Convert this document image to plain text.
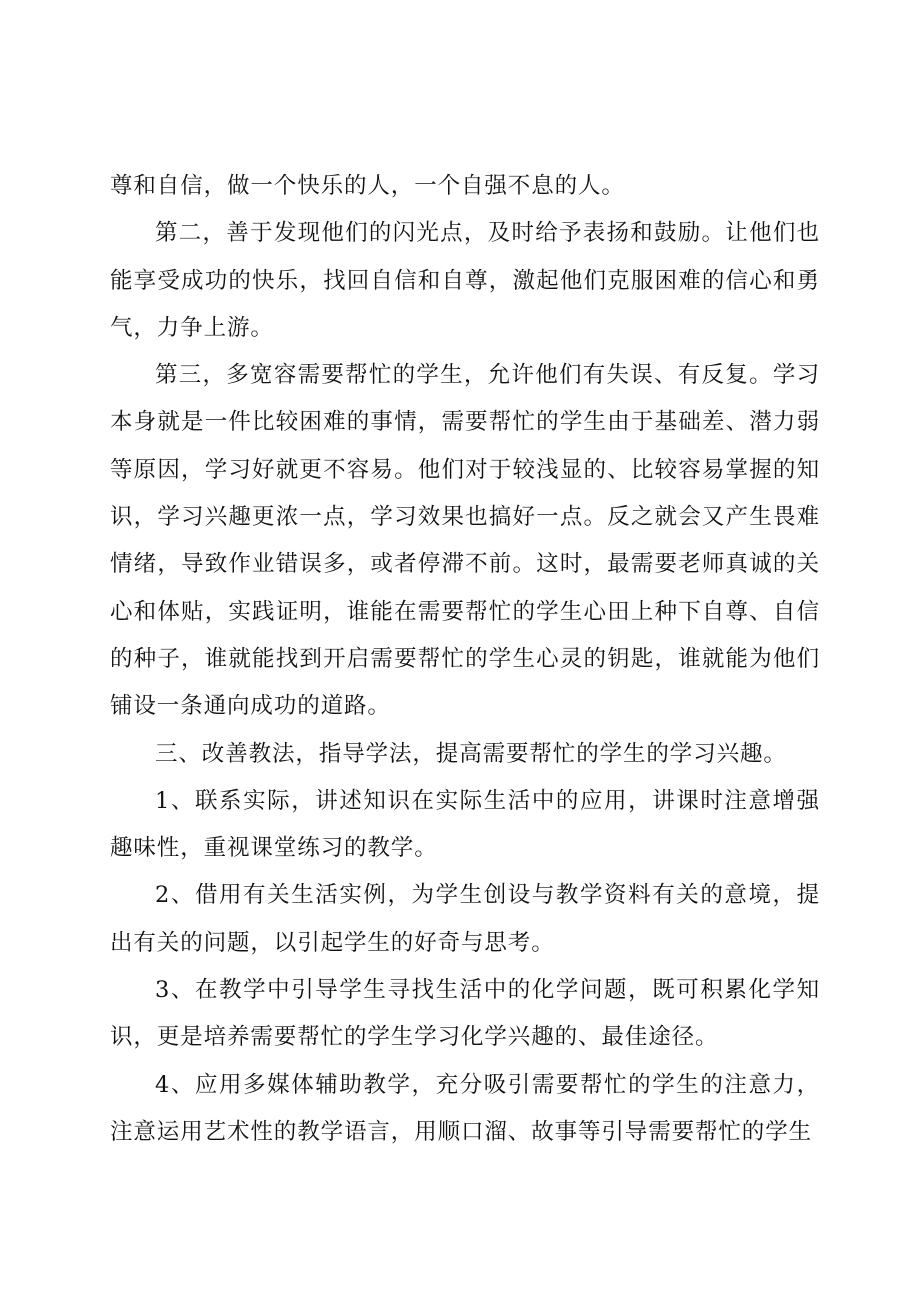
尊和自信，做一个快乐的人，一个自强不息的人。

第二，善于发现他们的闪光点，及时给予表扬和鼓励。让他们也能享受成功的快乐，找回自信和自尊，激起他们克服困难的信心和勇气，力争上游。

第三，多宽容需要帮忙的学生，允许他们有失误、有反复。学习本身就是一件比较困难的事情，需要帮忙的学生由于基础差、潜力弱等原因，学习好就更不容易。他们对于较浅显的、比较容易掌握的知识，学习兴趣更浓一点，学习效果也搞好一点。反之就会又产生畏难情绪，导致作业错误多，或者停滞不前。这时，最需要老师真诚的关心和体贴，实践证明，谁能在需要帮忙的学生心田上种下自尊、自信的种子，谁就能找到开启需要帮忙的学生心灵的钥匙，谁就能为他们铺设一条通向成功的道路。

三、改善教法，指导学法，提高需要帮忙的学生的学习兴趣。

1、联系实际，讲述知识在实际生活中的应用，讲课时注意增强趣味性，重视课堂练习的教学。

2、借用有关生活实例，为学生创设与教学资料有关的意境，提出有关的问题，以引起学生的好奇与思考。

3、在教学中引导学生寻找生活中的化学问题，既可积累化学知识，更是培养需要帮忙的学生学习化学兴趣的、最佳途径。

4、应用多媒体辅助教学，充分吸引需要帮忙的学生的注意力，注意运用艺术性的教学语言，用顺口溜、故事等引导需要帮忙的学生
